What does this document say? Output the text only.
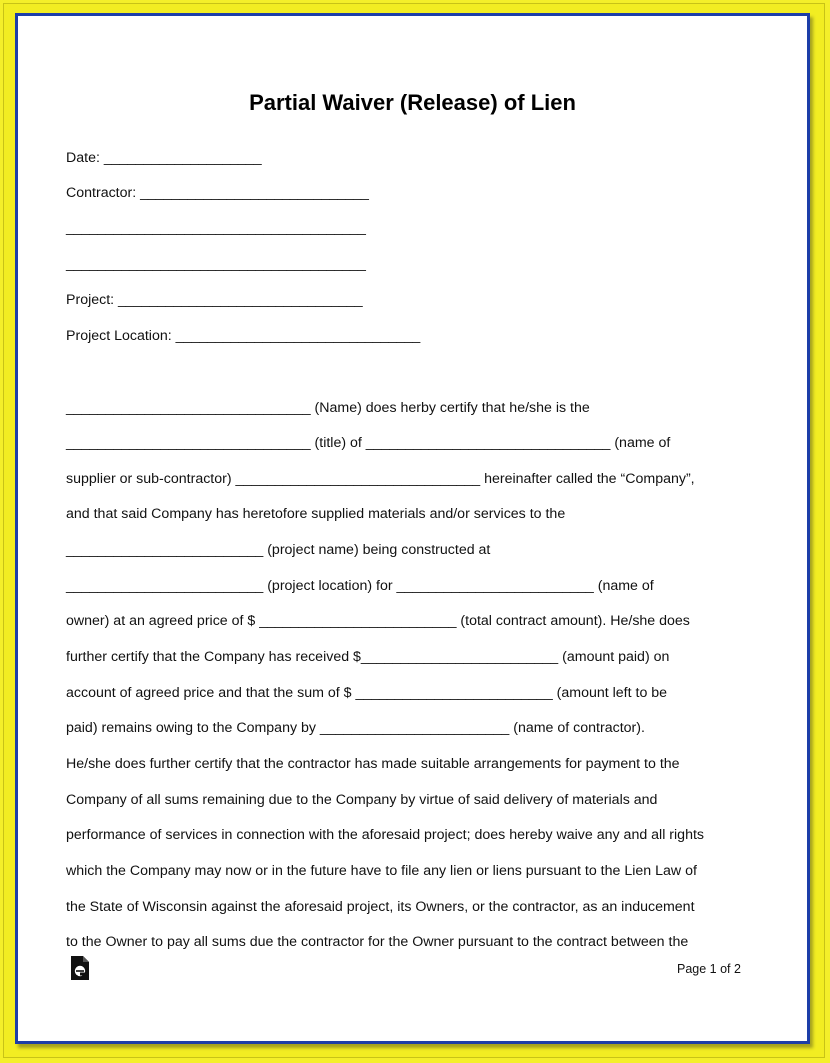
Partial Waiver (Release) of Lien
Date: ____________________
Contractor: _____________________________
______________________________________
______________________________________
Project: _______________________________
Project Location: _______________________________
_______________________________ (Name) does herby certify that he/she is the
_______________________________ (title) of _______________________________ (name of
supplier or sub-contractor) _______________________________ hereinafter called the “Company”,
and that said Company has heretofore supplied materials and/or services to the
_________________________ (project name) being constructed at
_________________________ (project location) for _________________________ (name of
owner) at an agreed price of $ _________________________ (total contract amount). He/she does
further certify that the Company has received $_________________________ (amount paid) on
account of agreed price and that the sum of $ _________________________ (amount left to be
paid) remains owing to the Company by ________________________ (name of contractor).
He/she does further certify that the contractor has made suitable arrangements for payment to the
Company of all sums remaining due to the Company by virtue of said delivery of materials and
performance of services in connection with the aforesaid project; does hereby waive any and all rights
which the Company may now or in the future have to file any lien or liens pursuant to the Lien Law of
the State of Wisconsin against the aforesaid project, its Owners, or the contractor, as an inducement
to the Owner to pay all sums due the contractor for the Owner pursuant to the contract between the
Page 1 of 2
